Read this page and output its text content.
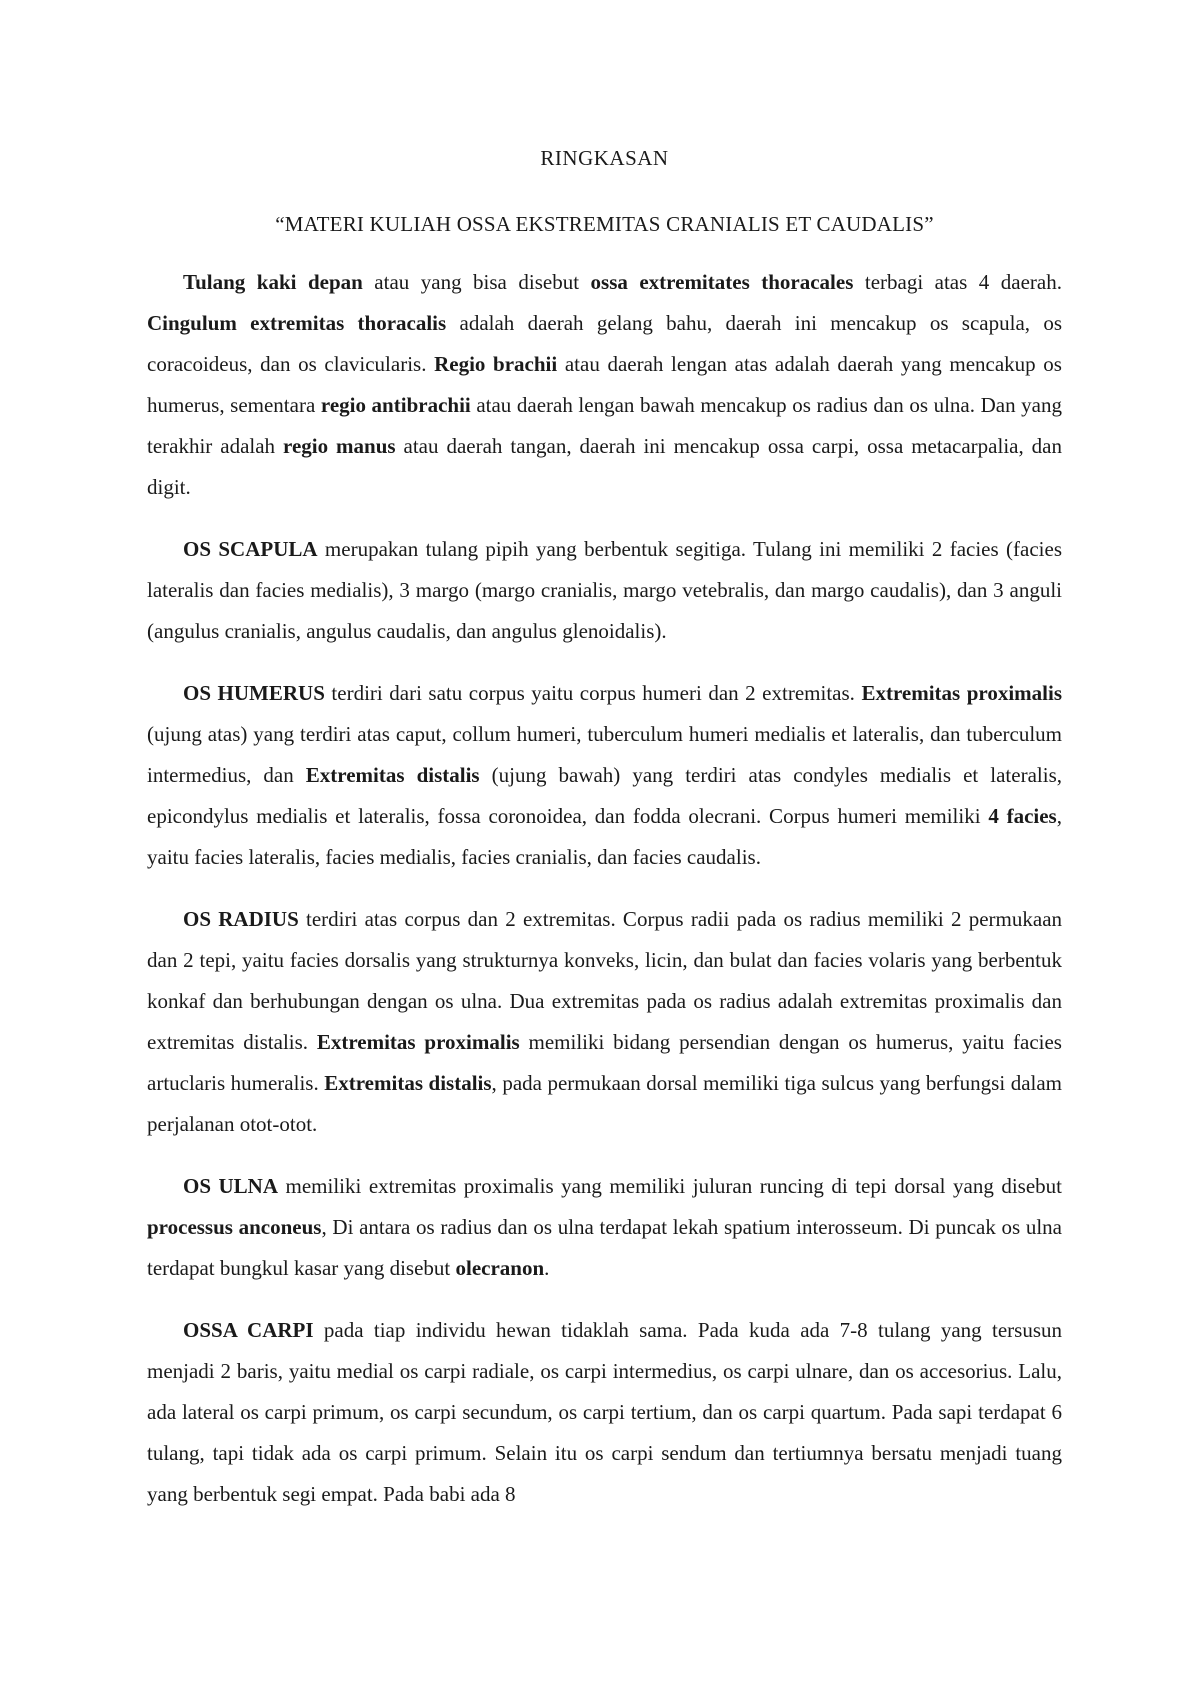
RINGKASAN
“MATERI KULIAH OSSA EKSTREMITAS CRANIALIS ET CAUDALIS”

Tulang kaki depan atau yang bisa disebut ossa extremitates thoracales terbagi atas 4 daerah. Cingulum extremitas thoracalis adalah daerah gelang bahu, daerah ini mencakup os scapula, os coracoideus, dan os clavicularis. Regio brachii atau daerah lengan atas adalah daerah yang mencakup os humerus, sementara regio antibrachii atau daerah lengan bawah mencakup os radius dan os ulna. Dan yang terakhir adalah regio manus atau daerah tangan, daerah ini mencakup ossa carpi, ossa metacarpalia, dan digit.

OS SCAPULA merupakan tulang pipih yang berbentuk segitiga. Tulang ini memiliki 2 facies (facies lateralis dan facies medialis), 3 margo (margo cranialis, margo vetebralis, dan margo caudalis), dan 3 anguli (angulus cranialis, angulus caudalis, dan angulus glenoidalis).

OS HUMERUS terdiri dari satu corpus yaitu corpus humeri dan 2 extremitas. Extremitas proximalis (ujung atas) yang terdiri atas caput, collum humeri, tuberculum humeri medialis et lateralis, dan tuberculum intermedius, dan Extremitas distalis (ujung bawah) yang terdiri atas condyles medialis et lateralis, epicondylus medialis et lateralis, fossa coronoidea, dan fodda olecrani. Corpus humeri memiliki 4 facies, yaitu facies lateralis, facies medialis, facies cranialis, dan facies caudalis.

OS RADIUS terdiri atas corpus dan 2 extremitas. Corpus radii pada os radius memiliki 2 permukaan dan 2 tepi, yaitu facies dorsalis yang strukturnya konveks, licin, dan bulat dan facies volaris yang berbentuk konkaf dan berhubungan dengan os ulna. Dua extremitas pada os radius adalah extremitas proximalis dan extremitas distalis. Extremitas proximalis memiliki bidang persendian dengan os humerus, yaitu facies artuclaris humeralis. Extremitas distalis, pada permukaan dorsal memiliki tiga sulcus yang berfungsi dalam perjalanan otot-otot.

OS ULNA memiliki extremitas proximalis yang memiliki juluran runcing di tepi dorsal yang disebut processus anconeus, Di antara os radius dan os ulna terdapat lekah spatium interosseum. Di puncak os ulna terdapat bungkul kasar yang disebut olecranon.

OSSA CARPI pada tiap individu hewan tidaklah sama. Pada kuda ada 7-8 tulang yang tersusun menjadi 2 baris, yaitu medial os carpi radiale, os carpi intermedius, os carpi ulnare, dan os accesorius. Lalu, ada lateral os carpi primum, os carpi secundum, os carpi tertium, dan os carpi quartum. Pada sapi terdapat 6 tulang, tapi tidak ada os carpi primum. Selain itu os carpi sendum dan tertiumnya bersatu menjadi tuang yang berbentuk segi empat. Pada babi ada 8
